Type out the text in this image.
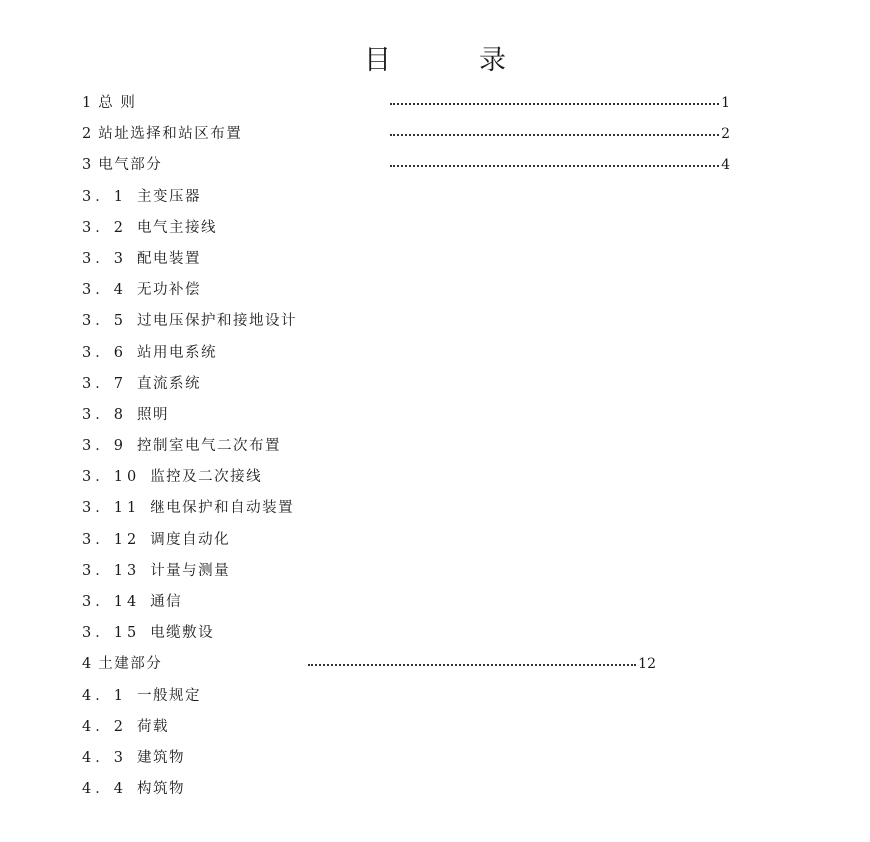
目	录
1 总 则	1
2 站址选择和站区布置	2
3 电气部分	4
3．1 主变压器
3．2 电气主接线
3．3 配电装置
3．4 无功补偿
3．5 过电压保护和接地设计
3．6 站用电系统
3．7 直流系统
3．8 照明
3．9 控制室电气二次布置
3．10 监控及二次接线
3．11 继电保护和自动装置
3．12 调度自动化
3．13 计量与测量
3．14 通信
3．15 电缆敷设
4 土建部分	12
4．1 一般规定
4．2 荷载
4．3 建筑物
4．4 构筑物
